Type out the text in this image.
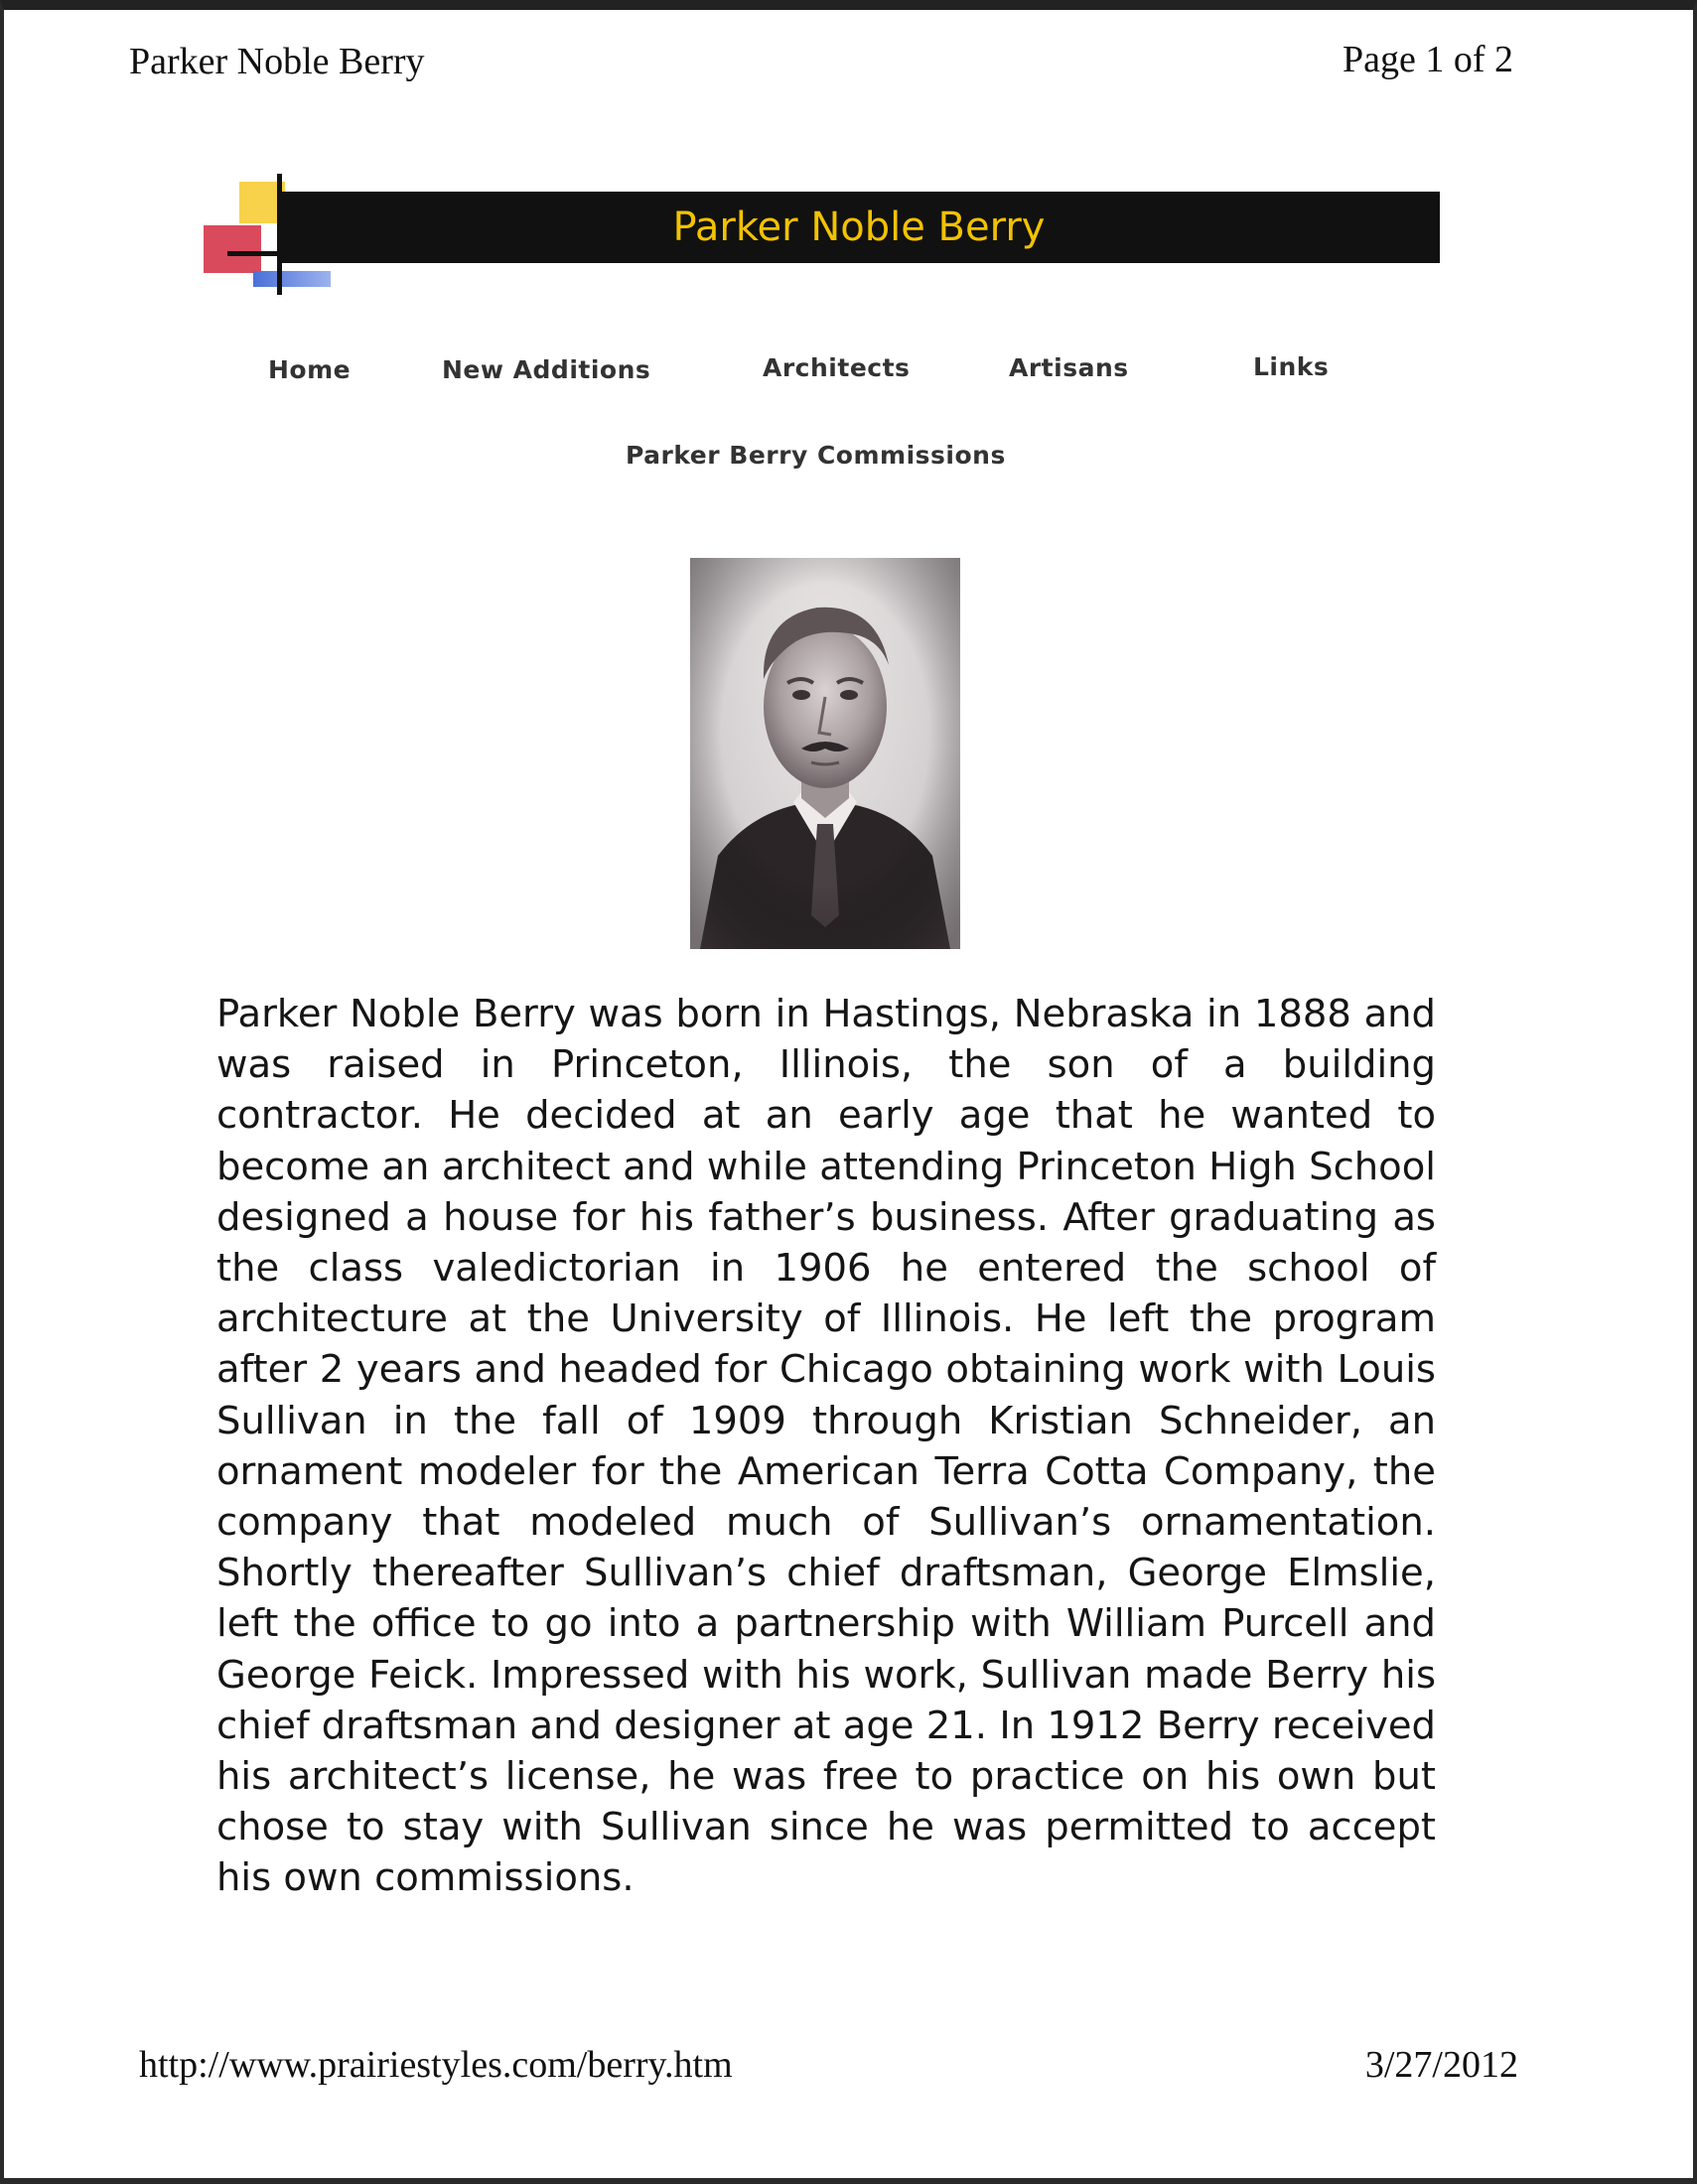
Parker Noble Berry	Page 1 of 2
Parker Noble Berry
Home	New Additions	Architects	Artisans	Links
Parker Berry Commissions

Parker Noble Berry was born in Hastings, Nebraska in 1888 and was raised in Princeton, Illinois, the son of a building contractor. He decided at an early age that he wanted to become an architect and while attending Princeton High School designed a house for his father’s business. After graduating as the class valedictorian in 1906 he entered the school of architecture at the University of Illinois. He left the program after 2 years and headed for Chicago obtaining work with Louis Sullivan in the fall of 1909 through Kristian Schneider, an ornament modeler for the American Terra Cotta Company, the company that modeled much of Sullivan’s ornamentation. Shortly thereafter Sullivan’s chief draftsman, George Elmslie, left the office to go into a partnership with William Purcell and George Feick. Impressed with his work, Sullivan made Berry his chief draftsman and designer at age 21. In 1912 Berry received his architect’s license, he was free to practice on his own but chose to stay with Sullivan since he was permitted to accept his own commissions.

http://www.prairiestyles.com/berry.htm	3/27/2012
